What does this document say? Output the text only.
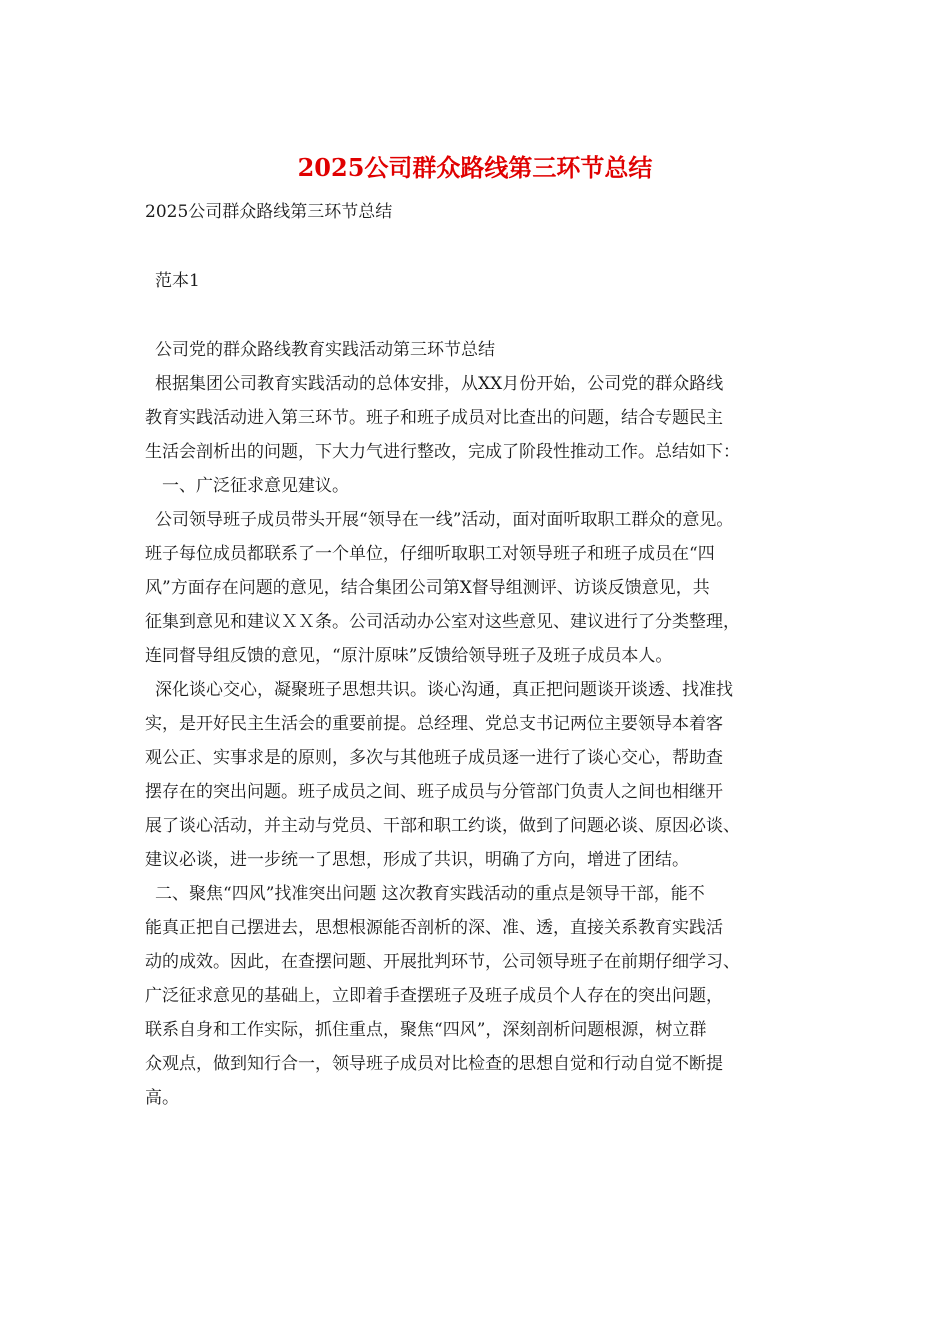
2025公司群众路线第三环节总结

2025公司群众路线第三环节总结

范本1

公司党的群众路线教育实践活动第三环节总结

根据集团公司教育实践活动的总体安排，从XX月份开始，公司党的群众路线

教育实践活动进入第三环节。班子和班子成员对比查出的问题，结合专题民主

生活会剖析出的问题，下大力气进行整改，完成了阶段性推动工作。总结如下：

一、广泛征求意见建议。

公司领导班子成员带头开展“领导在一线”活动，面对面听取职工群众的意见。

班子每位成员都联系了一个单位，仔细听取职工对领导班子和班子成员在“四

风”方面存在问题的意见，结合集团公司第X督导组测评、访谈反馈意见，共

征集到意见和建议ＸＸ条。公司活动办公室对这些意见、建议进行了分类整理，

连同督导组反馈的意见，“原汁原味”反馈给领导班子及班子成员本人。

深化谈心交心，凝聚班子思想共识。谈心沟通，真正把问题谈开谈透、找准找

实，是开好民主生活会的重要前提。总经理、党总支书记两位主要领导本着客

观公正、实事求是的原则，多次与其他班子成员逐一进行了谈心交心，帮助查

摆存在的突出问题。班子成员之间、班子成员与分管部门负责人之间也相继开

展了谈心活动，并主动与党员、干部和职工约谈，做到了问题必谈、原因必谈、

建议必谈，进一步统一了思想，形成了共识，明确了方向，增进了团结。

二、聚焦“四风”找准突出问题 这次教育实践活动的重点是领导干部，能不

能真正把自己摆进去，思想根源能否剖析的深、准、透，直接关系教育实践活

动的成效。因此，在查摆问题、开展批判环节，公司领导班子在前期仔细学习、

广泛征求意见的基础上，立即着手查摆班子及班子成员个人存在的突出问题，

联系自身和工作实际，抓住重点，聚焦“四风”，深刻剖析问题根源，树立群

众观点，做到知行合一，领导班子成员对比检查的思想自觉和行动自觉不断提

高。
